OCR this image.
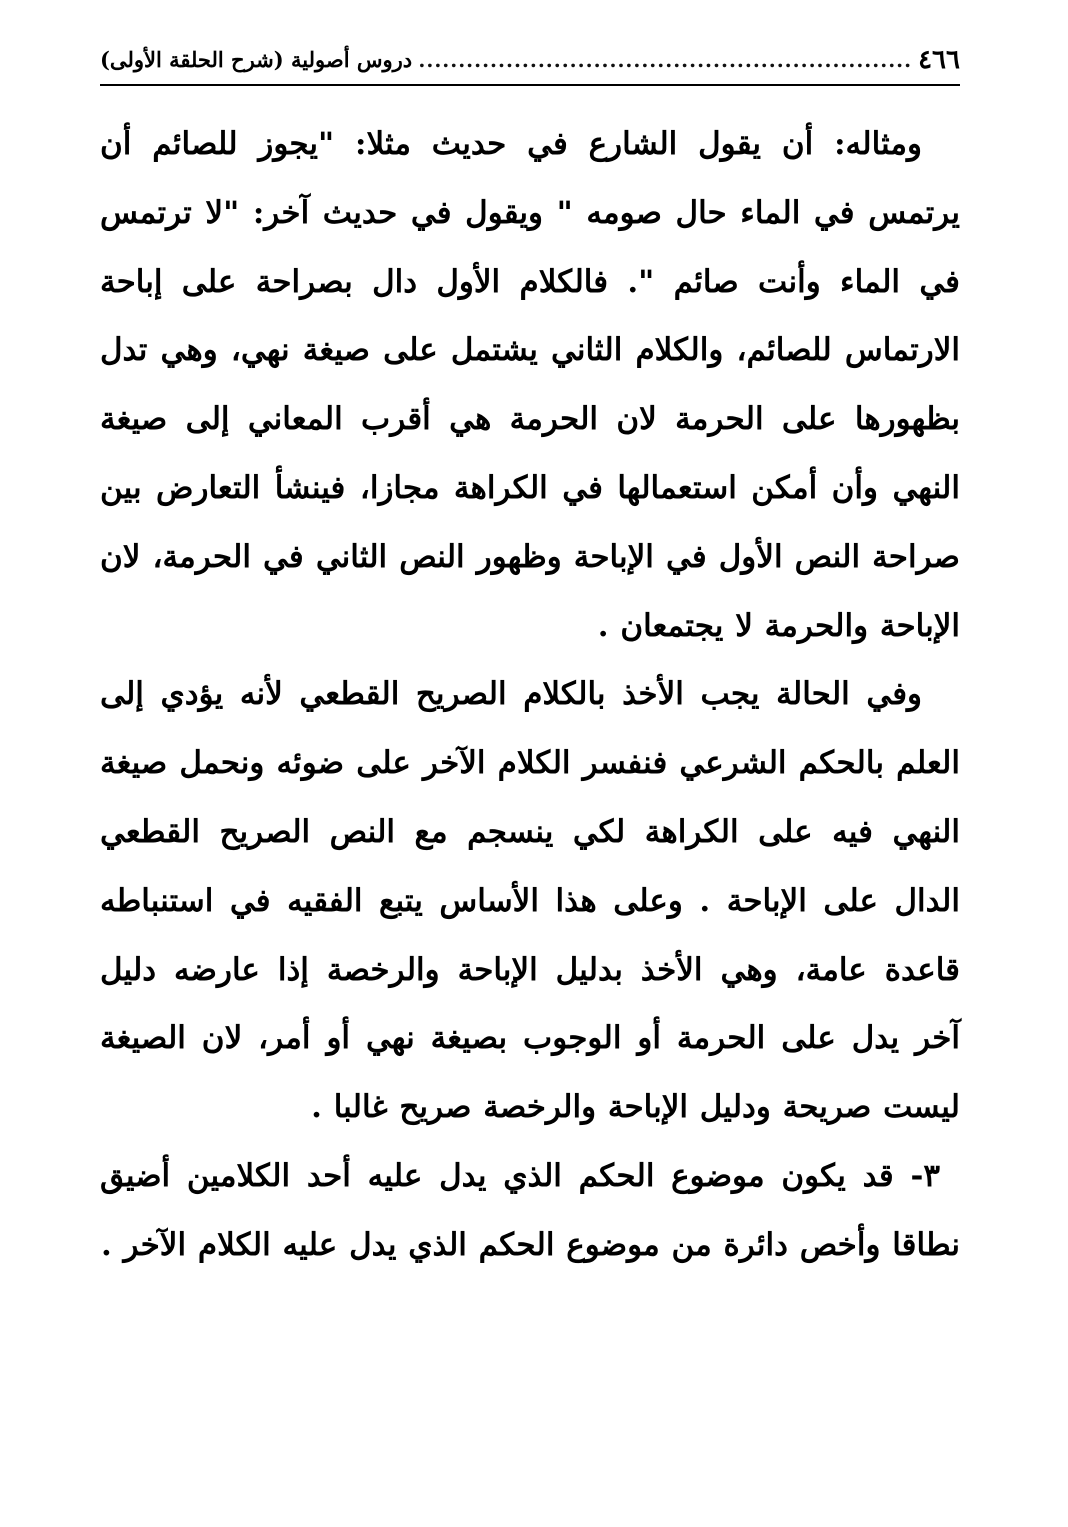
٤٦٦
.....
دروس أصولية (شرح الحلقة الأولى)

ومثاله: أن يقول الشارع في حديث مثلا: "يجوز للصائم أن يرتمس في الماء حال صومه " ويقول في حديث آخر: "لا ترتمس في الماء وأنت صائم ". فالكلام الأول دال بصراحة على إباحة الارتماس للصائم، والكلام الثاني يشتمل على صيغة نهي، وهي تدل بظهورها على الحرمة لان الحرمة هي أقرب المعاني إلى صيغة النهي وأن أمكن استعمالها في الكراهة مجازا، فينشأ التعارض بين صراحة النص الأول في الإباحة وظهور النص الثاني في الحرمة، لان الإباحة والحرمة لا يجتمعان .

وفي الحالة يجب الأخذ بالكلام الصريح القطعي لأنه يؤدي إلى العلم بالحكم الشرعي فنفسر الكلام الآخر على ضوئه ونحمل صيغة النهي فيه على الكراهة لكي ينسجم مع النص الصريح القطعي الدال على الإباحة . وعلى هذا الأساس يتبع الفقيه في استنباطه قاعدة عامة، وهي الأخذ بدليل الإباحة والرخصة إذا عارضه دليل آخر يدل على الحرمة أو الوجوب بصيغة نهي أو أمر، لان الصيغة ليست صريحة ودليل الإباحة والرخصة صريح غالبا .

٣- قد يكون موضوع الحكم الذي يدل عليه أحد الكلامين أضيق نطاقا وأخص دائرة من موضوع الحكم الذي يدل عليه الكلام الآخر .
